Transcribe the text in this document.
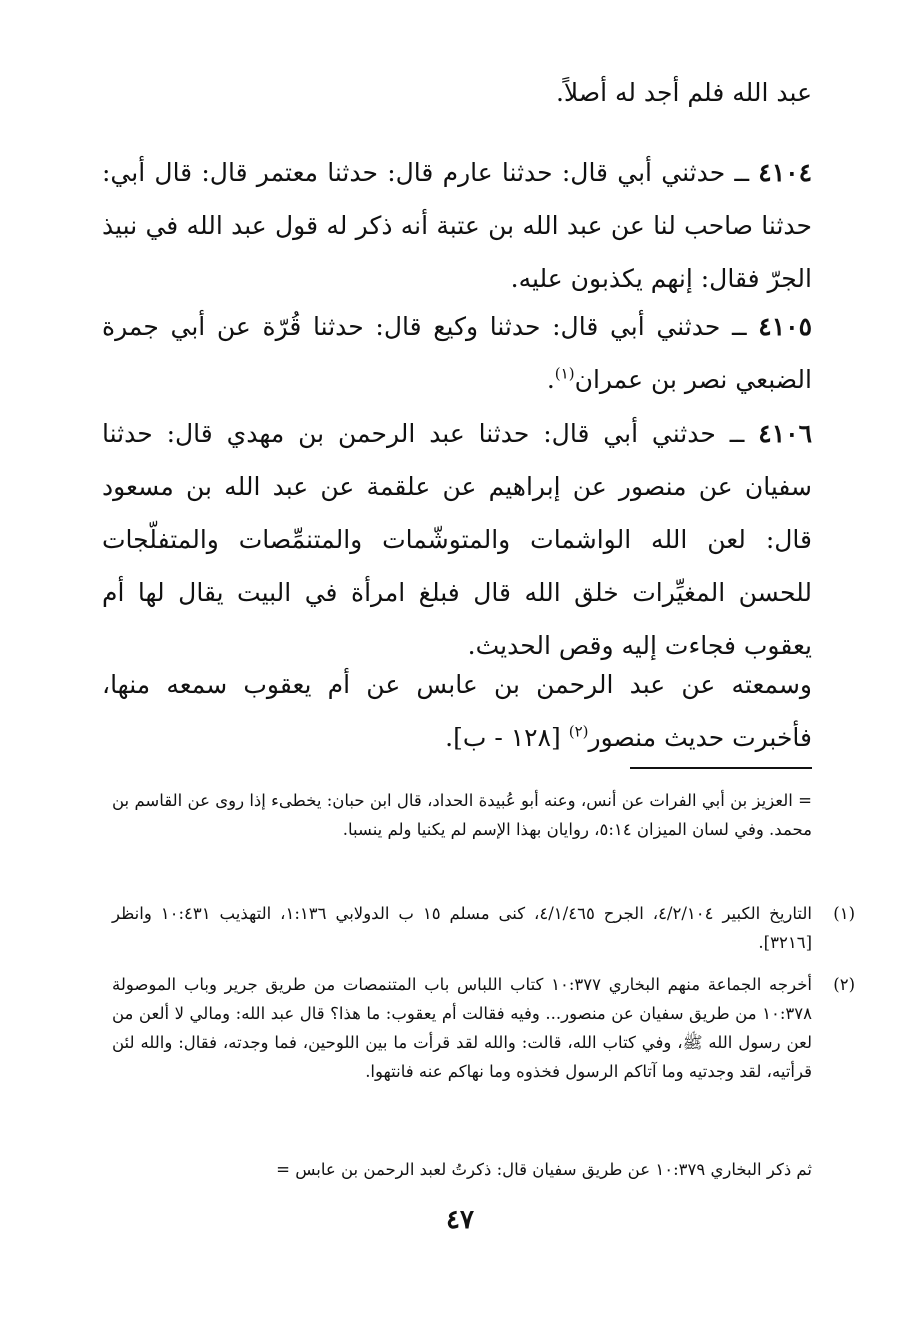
عبد الله فلم أجد له أصلاً.

٤١٠٤ ــ حدثني أبي قال: حدثنا عارم قال: حدثنا معتمر قال: قال أبي: حدثنا صاحب لنا عن عبد الله بن عتبة أنه ذكر له قول عبد الله في نبيذ الجرّ فقال: إنهم يكذبون عليه.

٤١٠٥ ــ حدثني أبي قال: حدثنا وكيع قال: حدثنا قُرّة عن أبي جمرة الضبعي نصر بن عمران$^{(١)}$.

٤١٠٦ ــ حدثني أبي قال: حدثنا عبد الرحمن بن مهدي قال: حدثنا سفيان عن منصور عن إبراهيم عن علقمة عن عبد الله بن مسعود قال: لعن الله الواشمات والمتوشّمات والمتنمِّصات والمتفلّجات للحسن المغيِّرات خلق الله قال فبلغ امرأة في البيت يقال لها أم يعقوب فجاءت إليه وقص الحديث.

وسمعته عن عبد الرحمن بن عابس عن أم يعقوب سمعه منها، فأخبرت حديث منصور$^{(٢)}$ [١٢٨ - ب].

= العزيز بن أبي الفرات عن أنس، وعنه أبو عُبيدة الحداد، قال ابن حبان: يخطىء إذا روى عن القاسم بن محمد. وفي لسان الميزان ٥:١٤، روايان بهذا الإسم لم يكنيا ولم ينسبا.
(١)
التاريخ الكبير ٤/٢/١٠٤، الجرح ٤/١/٤٦٥، كنى مسلم ١٥ ب الدولابي ١:١٣٦، التهذيب ١٠:٤٣١ وانظر [٣٢١٦].
(٢)
أخرجه الجماعة منهم البخاري ١٠:٣٧٧ كتاب اللباس باب المتنمصات من طريق جرير وباب الموصولة ١٠:٣٧٨ من طريق سفيان عن منصور... وفيه فقالت أم يعقوب: ما هذا؟ قال عبد الله: ومالي لا ألعن من لعن رسول الله ﷺ، وفي كتاب الله، قالت: والله لقد قرأت ما بين اللوحين، فما وجدته، فقال: والله لئن قرأتيه، لقد وجدتيه وما آتاكم الرسول فخذوه وما نهاكم عنه فانتهوا.
ثم ذكر البخاري ١٠:٣٧٩ عن طريق سفيان قال: ذكرتُ لعبد الرحمن بن عابس =
٤٧
